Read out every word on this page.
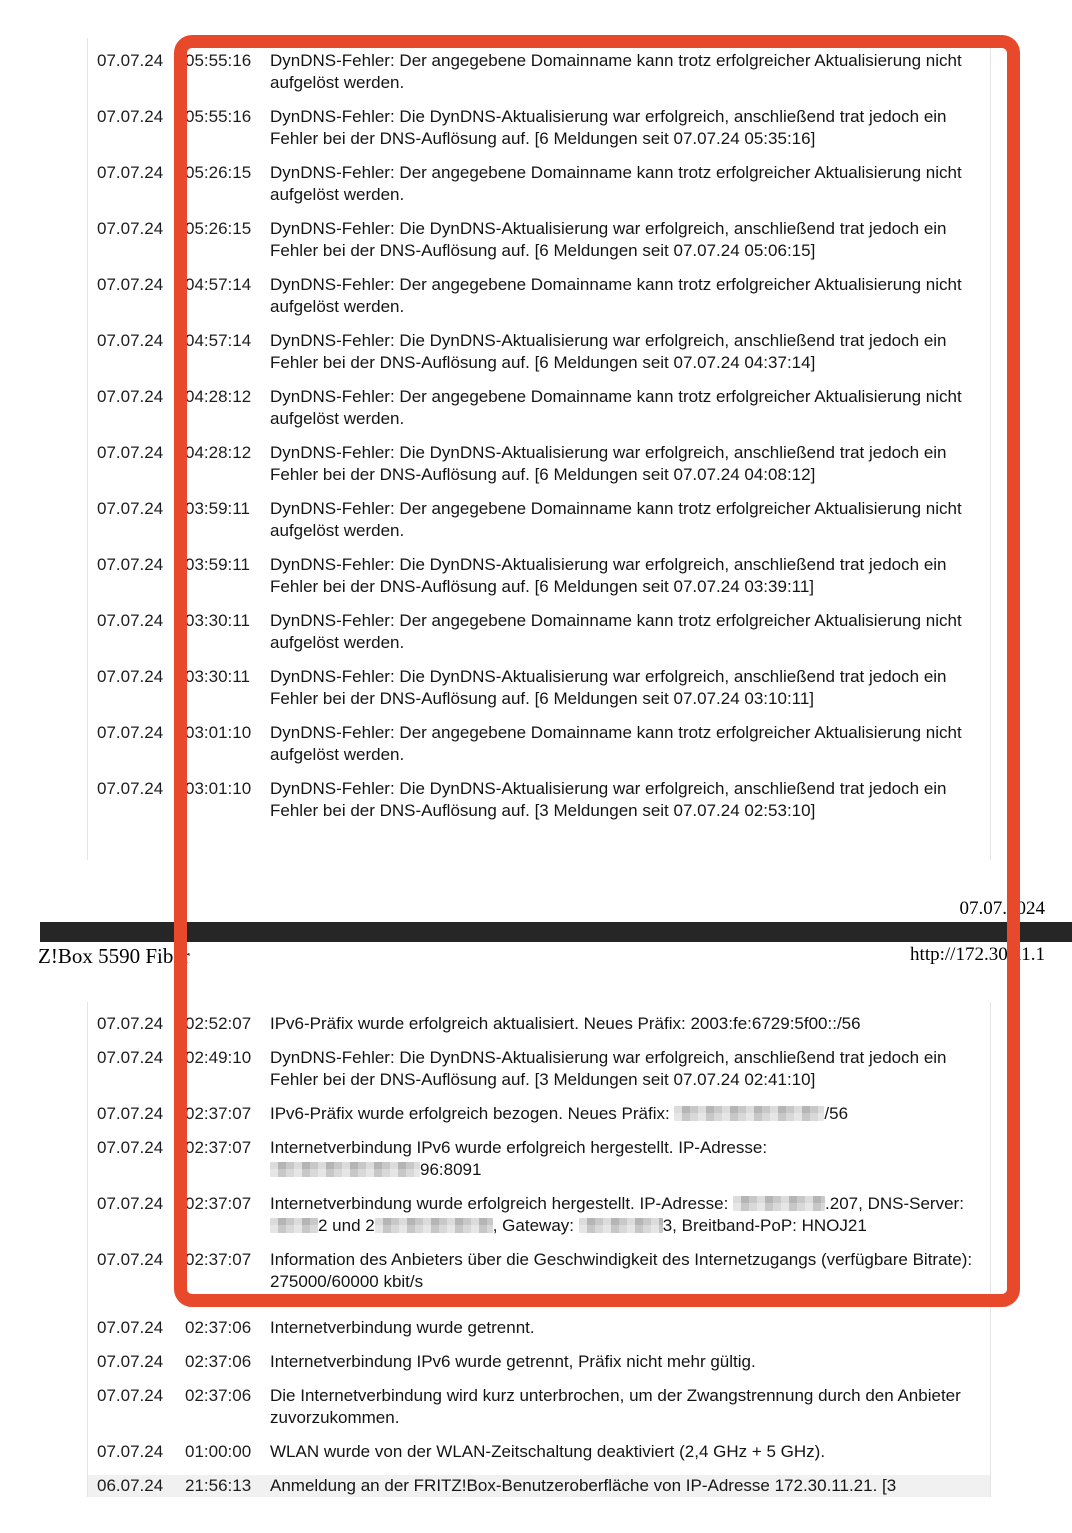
07.07.24	05:55:16	DynDNS-Fehler: Der angegebene Domainname kann trotz erfolgreicher Aktualisierung nicht aufgelöst werden.
07.07.24	05:55:16	DynDNS-Fehler: Die DynDNS-Aktualisierung war erfolgreich, anschließend trat jedoch ein Fehler bei der DNS-Auflösung auf. [6 Meldungen seit 07.07.24 05:35:16]
07.07.24	05:26:15	DynDNS-Fehler: Der angegebene Domainname kann trotz erfolgreicher Aktualisierung nicht aufgelöst werden.
07.07.24	05:26:15	DynDNS-Fehler: Die DynDNS-Aktualisierung war erfolgreich, anschließend trat jedoch ein Fehler bei der DNS-Auflösung auf. [6 Meldungen seit 07.07.24 05:06:15]
07.07.24	04:57:14	DynDNS-Fehler: Der angegebene Domainname kann trotz erfolgreicher Aktualisierung nicht aufgelöst werden.
07.07.24	04:57:14	DynDNS-Fehler: Die DynDNS-Aktualisierung war erfolgreich, anschließend trat jedoch ein Fehler bei der DNS-Auflösung auf. [6 Meldungen seit 07.07.24 04:37:14]
07.07.24	04:28:12	DynDNS-Fehler: Der angegebene Domainname kann trotz erfolgreicher Aktualisierung nicht aufgelöst werden.
07.07.24	04:28:12	DynDNS-Fehler: Die DynDNS-Aktualisierung war erfolgreich, anschließend trat jedoch ein Fehler bei der DNS-Auflösung auf. [6 Meldungen seit 07.07.24 04:08:12]
07.07.24	03:59:11	DynDNS-Fehler: Der angegebene Domainname kann trotz erfolgreicher Aktualisierung nicht aufgelöst werden.
07.07.24	03:59:11	DynDNS-Fehler: Die DynDNS-Aktualisierung war erfolgreich, anschließend trat jedoch ein Fehler bei der DNS-Auflösung auf. [6 Meldungen seit 07.07.24 03:39:11]
07.07.24	03:30:11	DynDNS-Fehler: Der angegebene Domainname kann trotz erfolgreicher Aktualisierung nicht aufgelöst werden.
07.07.24	03:30:11	DynDNS-Fehler: Die DynDNS-Aktualisierung war erfolgreich, anschließend trat jedoch ein Fehler bei der DNS-Auflösung auf. [6 Meldungen seit 07.07.24 03:10:11]
07.07.24	03:01:10	DynDNS-Fehler: Der angegebene Domainname kann trotz erfolgreicher Aktualisierung nicht aufgelöst werden.
07.07.24	03:01:10	DynDNS-Fehler: Die DynDNS-Aktualisierung war erfolgreich, anschließend trat jedoch ein Fehler bei der DNS-Auflösung auf. [3 Meldungen seit 07.07.24 02:53:10]
07.07.2024
Z!Box 5590 Fiber	http://172.30.11.1
07.07.24	02:52:07	IPv6-Präfix wurde erfolgreich aktualisiert. Neues Präfix: 2003:fe:6729:5f00::/56
07.07.24	02:49:10	DynDNS-Fehler: Die DynDNS-Aktualisierung war erfolgreich, anschließend trat jedoch ein Fehler bei der DNS-Auflösung auf. [3 Meldungen seit 07.07.24 02:41:10]
07.07.24	02:37:07	IPv6-Präfix wurde erfolgreich bezogen. Neues Präfix:	/56
07.07.24	02:37:07	Internetverbindung IPv6 wurde erfolgreich hergestellt. IP-Adresse:
96:8091
07.07.24	02:37:07	Internetverbindung wurde erfolgreich hergestellt. IP-Adresse:	.207, DNS-Server:
2 und 2	, Gateway:	3, Breitband-PoP: HNOJ21
07.07.24	02:37:07	Information des Anbieters über die Geschwindigkeit des Internetzugangs (verfügbare Bitrate): 275000/60000 kbit/s
07.07.24	02:37:06	Internetverbindung wurde getrennt.
07.07.24	02:37:06	Internetverbindung IPv6 wurde getrennt, Präfix nicht mehr gültig.
07.07.24	02:37:06	Die Internetverbindung wird kurz unterbrochen, um der Zwangstrennung durch den Anbieter zuvorzukommen.
07.07.24	01:00:00	WLAN wurde von der WLAN-Zeitschaltung deaktiviert (2,4 GHz + 5 GHz).
06.07.24	21:56:13	Anmeldung an der FRITZ!Box-Benutzeroberfläche von IP-Adresse 172.30.11.21. [3
